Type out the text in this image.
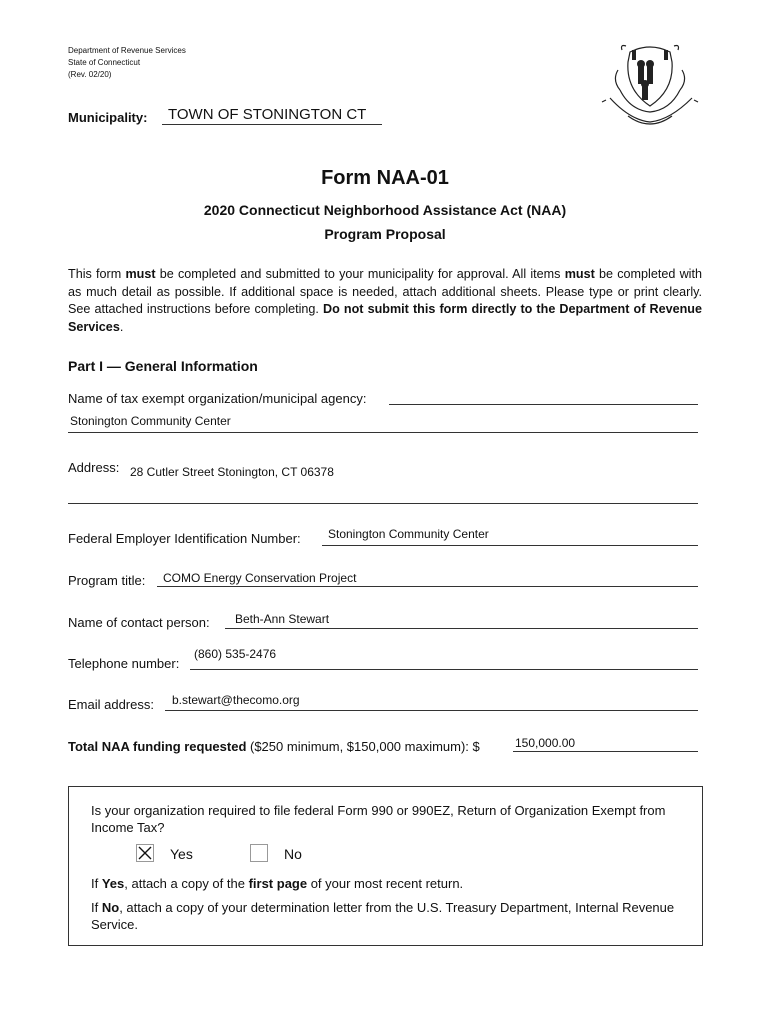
Department of Revenue Services
State of Connecticut
(Rev. 02/20)
Municipality: TOWN OF STONINGTON CT
Form NAA-01
2020 Connecticut Neighborhood Assistance Act (NAA)
Program Proposal
This form must be completed and submitted to your municipality for approval. All items must be completed with as much detail as possible. If additional space is needed, attach additional sheets. Please type or print clearly. See attached instructions before completing. Do not submit this form directly to the Department of Revenue Services.
Part I — General Information
Name of tax exempt organization/municipal agency:
Stonington Community Center
Address: 28 Cutler Street Stonington, CT 06378
Federal Employer Identification Number: Stonington Community Center
Program title: COMO Energy Conservation Project
Name of contact person: Beth-Ann Stewart
Telephone number:
(860) 535-2476
Email address: b.stewart@thecomo.org
Total NAA funding requested ($250 minimum, $150,000 maximum): $	150,000.00
Is your organization required to file federal Form 990 or 990EZ, Return of Organization Exempt from Income Tax?
Yes	No
If Yes, attach a copy of the first page of your most recent return.
If No, attach a copy of your determination letter from the U.S. Treasury Department, Internal Revenue Service.
